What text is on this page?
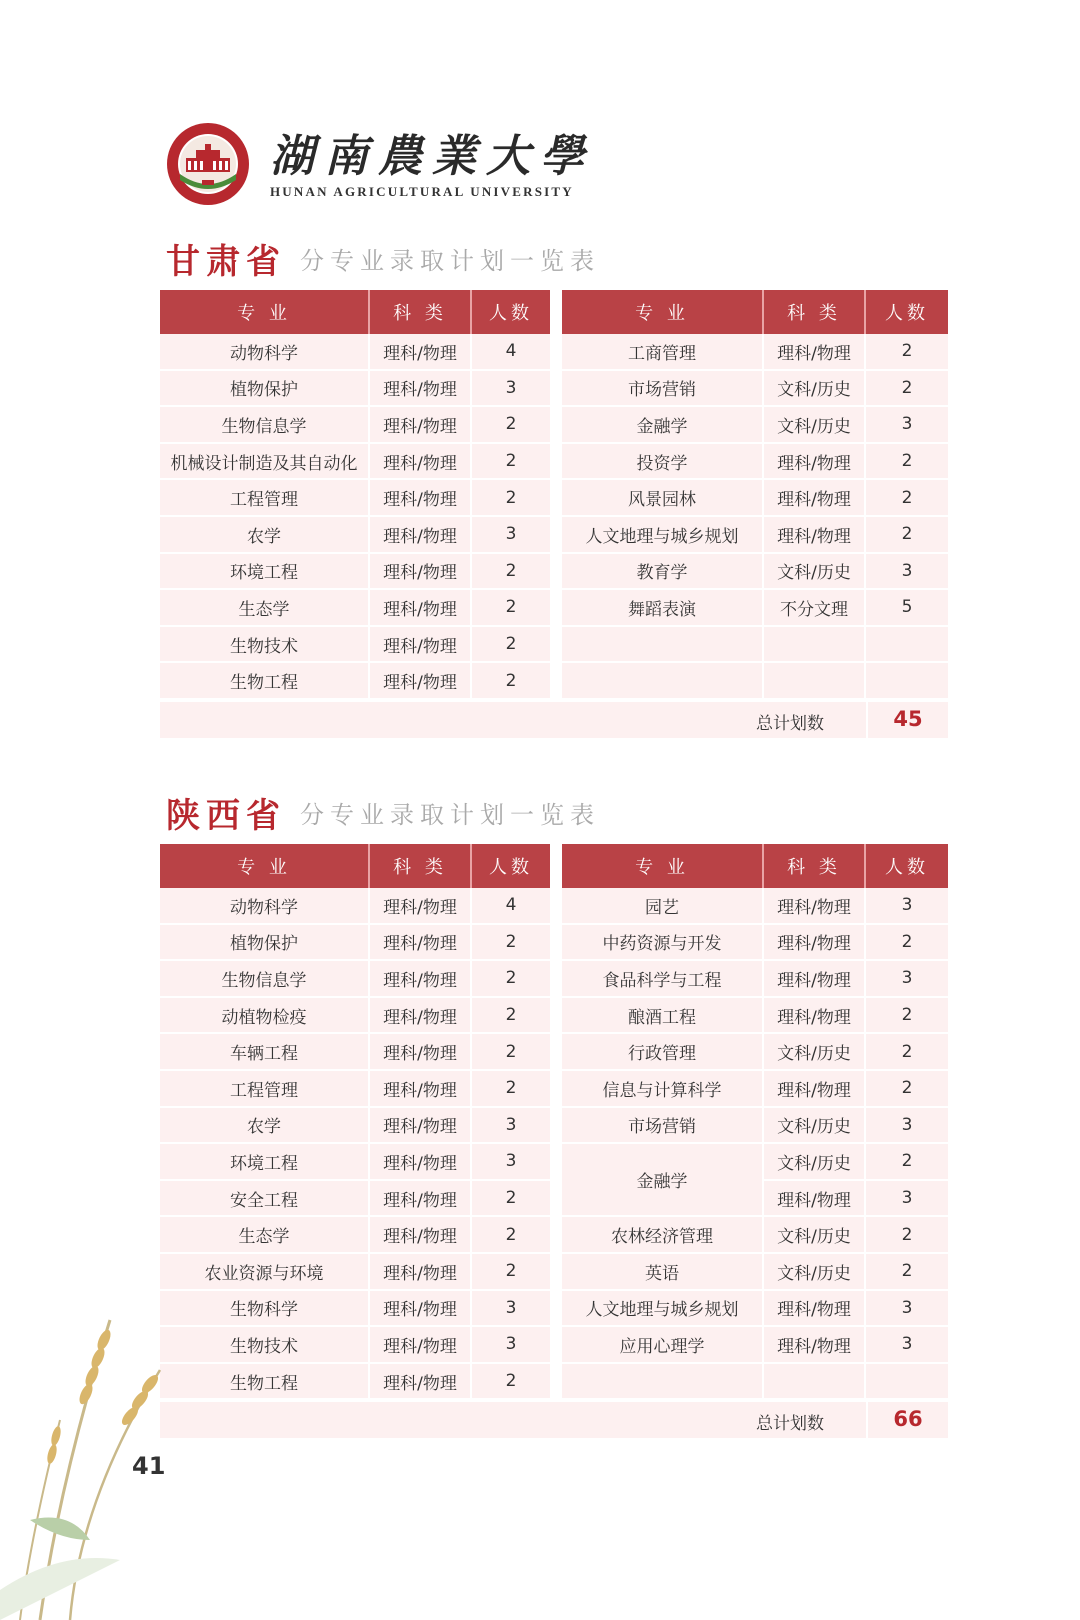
湖南農業大學
HUNAN AGRICULTURAL UNIVERSITY
甘肃省 分专业录取计划一览表
专 业	科 类	人数
动物科学	理科/物理	4
植物保护	理科/物理	3
生物信息学	理科/物理	2
机械设计制造及其自动化	理科/物理	2
工程管理	理科/物理	2
农学	理科/物理	3
环境工程	理科/物理	2
生态学	理科/物理	2
生物技术	理科/物理	2
生物工程	理科/物理	2
专 业	科 类	人数
工商管理	理科/物理	2
市场营销	文科/历史	2
金融学	文科/历史	3
投资学	理科/物理	2
风景园林	理科/物理	2
人文地理与城乡规划	理科/物理	2
教育学	文科/历史	3
舞蹈表演	不分文理	5

总计划数	45
陕西省 分专业录取计划一览表
专 业	科 类	人数
动物科学	理科/物理	4
植物保护	理科/物理	2
生物信息学	理科/物理	2
动植物检疫	理科/物理	2
车辆工程	理科/物理	2
工程管理	理科/物理	2
农学	理科/物理	3
环境工程	理科/物理	3
安全工程	理科/物理	2
生态学	理科/物理	2
农业资源与环境	理科/物理	2
生物科学	理科/物理	3
生物技术	理科/物理	3
生物工程	理科/物理	2
专 业	科 类	人数
园艺	理科/物理	3
中药资源与开发	理科/物理	2
食品科学与工程	理科/物理	3
酿酒工程	理科/物理	2
行政管理	文科/历史	2
信息与计算科学	理科/物理	2
市场营销	文科/历史	3
金融学	文科/历史	2
	理科/物理	3
农林经济管理	文科/历史	2
英语	文科/历史	2
人文地理与城乡规划	理科/物理	3
应用心理学	理科/物理	3

总计划数	66
41
